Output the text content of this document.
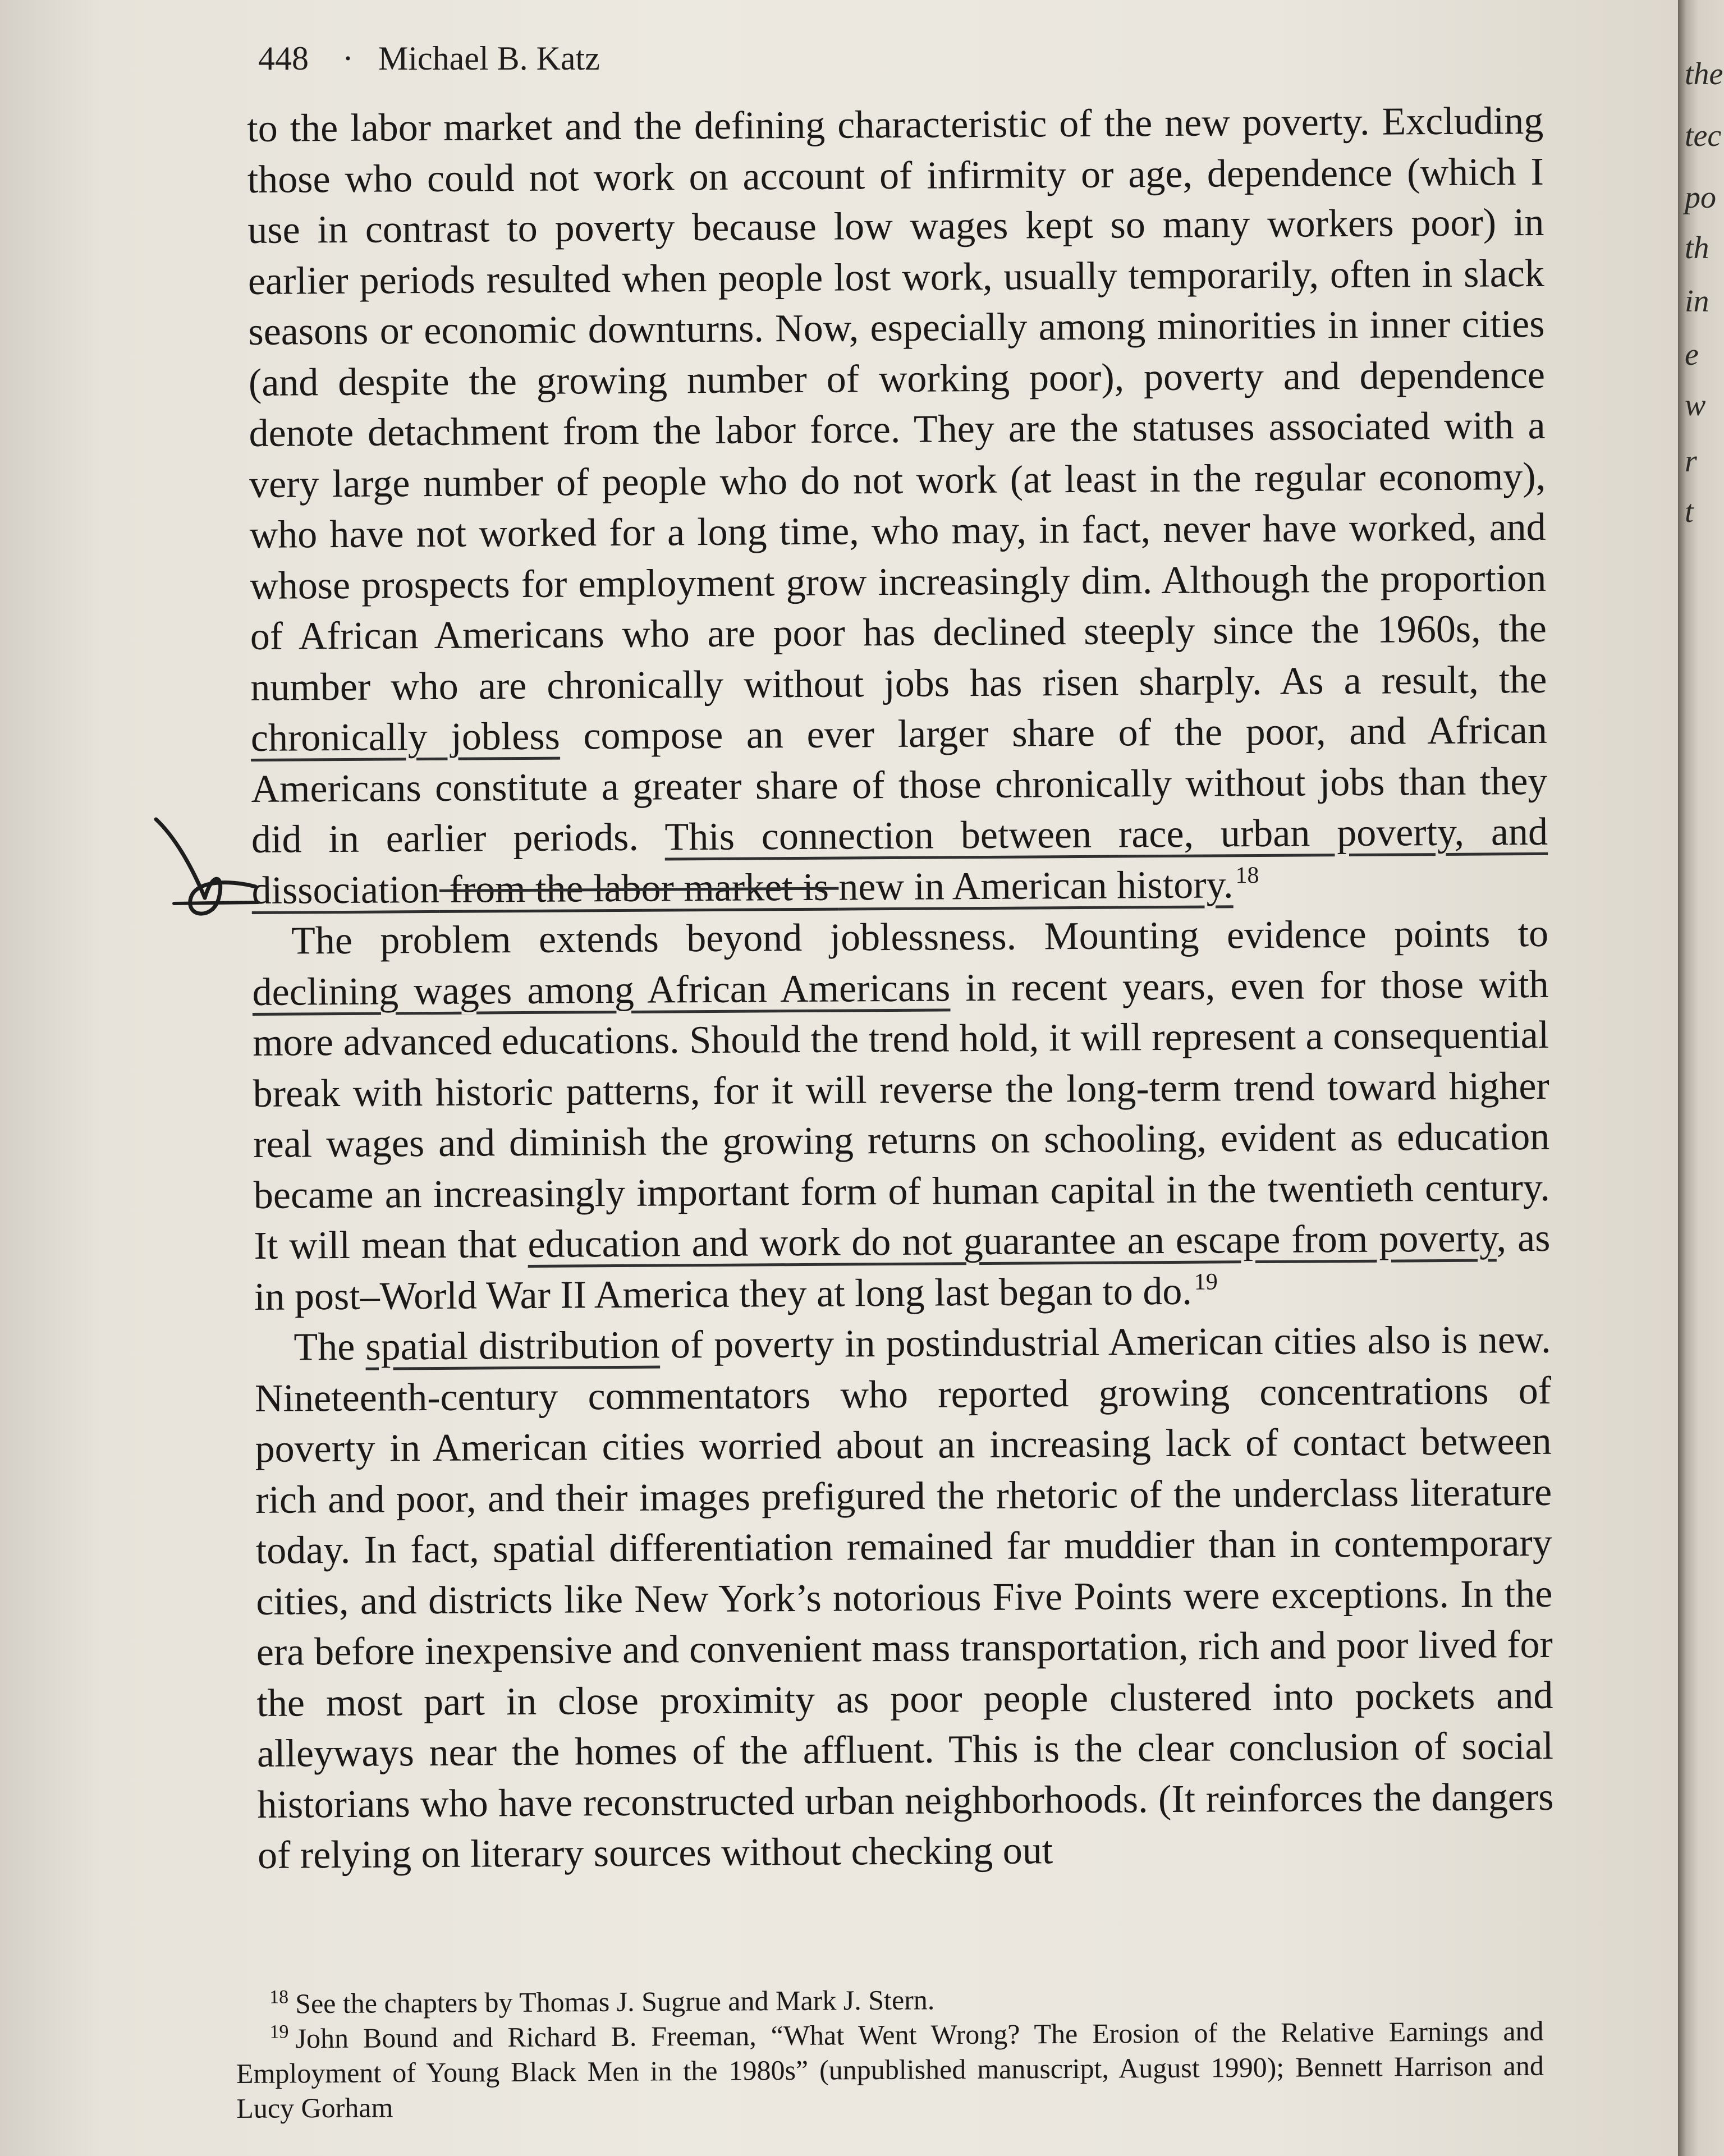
448 · Michael B. Katz

to the labor market and the defining characteristic of the new poverty. Excluding those who could not work on account of infirmity or age, dependence (which I use in contrast to poverty because low wages kept so many workers poor) in earlier periods resulted when people lost work, usually temporarily, often in slack seasons or economic downturns. Now, especially among minorities in inner cities (and despite the growing number of working poor), poverty and dependence denote detachment from the labor force. They are the statuses associated with a very large number of people who do not work (at least in the regular economy), who have not worked for a long time, who may, in fact, never have worked, and whose prospects for employment grow increasingly dim. Although the proportion of African Americans who are poor has declined steeply since the 1960s, the number who are chronically without jobs has risen sharply. As a result, the chronically jobless compose an ever larger share of the poor, and African Americans constitute a greater share of those chronically without jobs than they did in earlier periods. This connection between race, urban poverty, and dissociation from the labor market is new in American history.$^{18}$

The problem extends beyond joblessness. Mounting evidence points to declining wages among African Americans in recent years, even for those with more advanced educations. Should the trend hold, it will represent a consequential break with historic patterns, for it will reverse the long-term trend toward higher real wages and diminish the growing returns on schooling, evident as education became an increasingly important form of human capital in the twentieth century. It will mean that education and work do not guarantee an escape from poverty, as in post–World War II America they at long last began to do.$^{19}$

The spatial distribution of poverty in postindustrial American cities also is new. Nineteenth-century commentators who reported growing concentrations of poverty in American cities worried about an increasing lack of contact between rich and poor, and their images prefigured the rhetoric of the underclass literature today. In fact, spatial differentiation remained far muddier than in contemporary cities, and districts like New York’s notorious Five Points were exceptions. In the era before inexpensive and convenient mass transportation, rich and poor lived for the most part in close proximity as poor people clustered into pockets and alleyways near the homes of the affluent. This is the clear conclusion of social historians who have reconstructed urban neighborhoods. (It reinforces the dangers of relying on literary sources without checking out

$^{18}$ See the chapters by Thomas J. Sugrue and Mark J. Stern.

$^{19}$ John Bound and Richard B. Freeman, “What Went Wrong? The Erosion of the Relative Earnings and Employment of Young Black Men in the 1980s” (unpublished manuscript, August 1990); Bennett Harrison and Lucy Gorham

the
tec
po
th
in
e
w
r
t
